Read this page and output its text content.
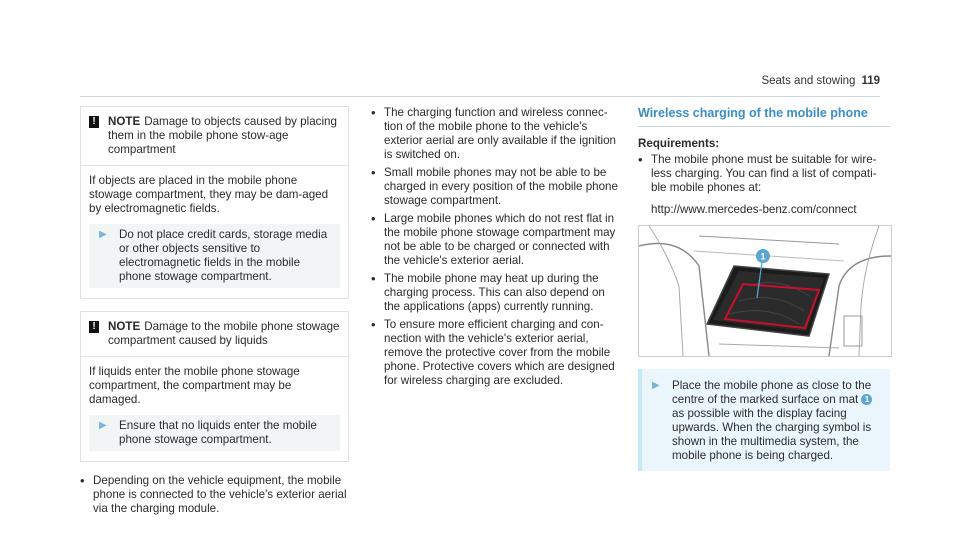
Seats and stowing 119
! NOTE Damage to objects caused by placing them in the mobile phone stow-age compartment

If objects are placed in the mobile phone stowage compartment, they may be dam-aged by electromagnetic fields.

▶	Do not place credit cards, storage media or other objects sensitive to electromagnetic fields in the mobile phone stowage compartment.
! NOTE Damage to the mobile phone stowage compartment caused by liquids

If liquids enter the mobile phone stowage compartment, the compartment may be damaged.

▶	Ensure that no liquids enter the mobile phone stowage compartment.
• Depending on the vehicle equipment, the mobile phone is connected to the vehicle's exterior aerial via the charging module.
• The charging function and wireless connec-tion of the mobile phone to the vehicle's exterior aerial are only available if the ignition is switched on.
• Small mobile phones may not be able to be charged in every position of the mobile phone stowage compartment.
• Large mobile phones which do not rest flat in the mobile phone stowage compartment may not be able to be charged or connected with the vehicle's exterior aerial.
• The mobile phone may heat up during the charging process. This can also depend on the applications (apps) currently running.
• To ensure more efficient charging and con-nection with the vehicle's exterior aerial, remove the protective cover from the mobile phone. Protective covers which are designed for wireless charging are excluded.
Wireless charging of the mobile phone
Requirements:
• The mobile phone must be suitable for wire-less charging. You can find a list of compati-ble mobile phones at:
http://www.mercedes-benz.com/connect
1
▶	Place the mobile phone as close to the centre of the marked surface on mat 1 as possible with the display facing upwards. When the charging symbol is shown in the multimedia system, the mobile phone is being charged.
